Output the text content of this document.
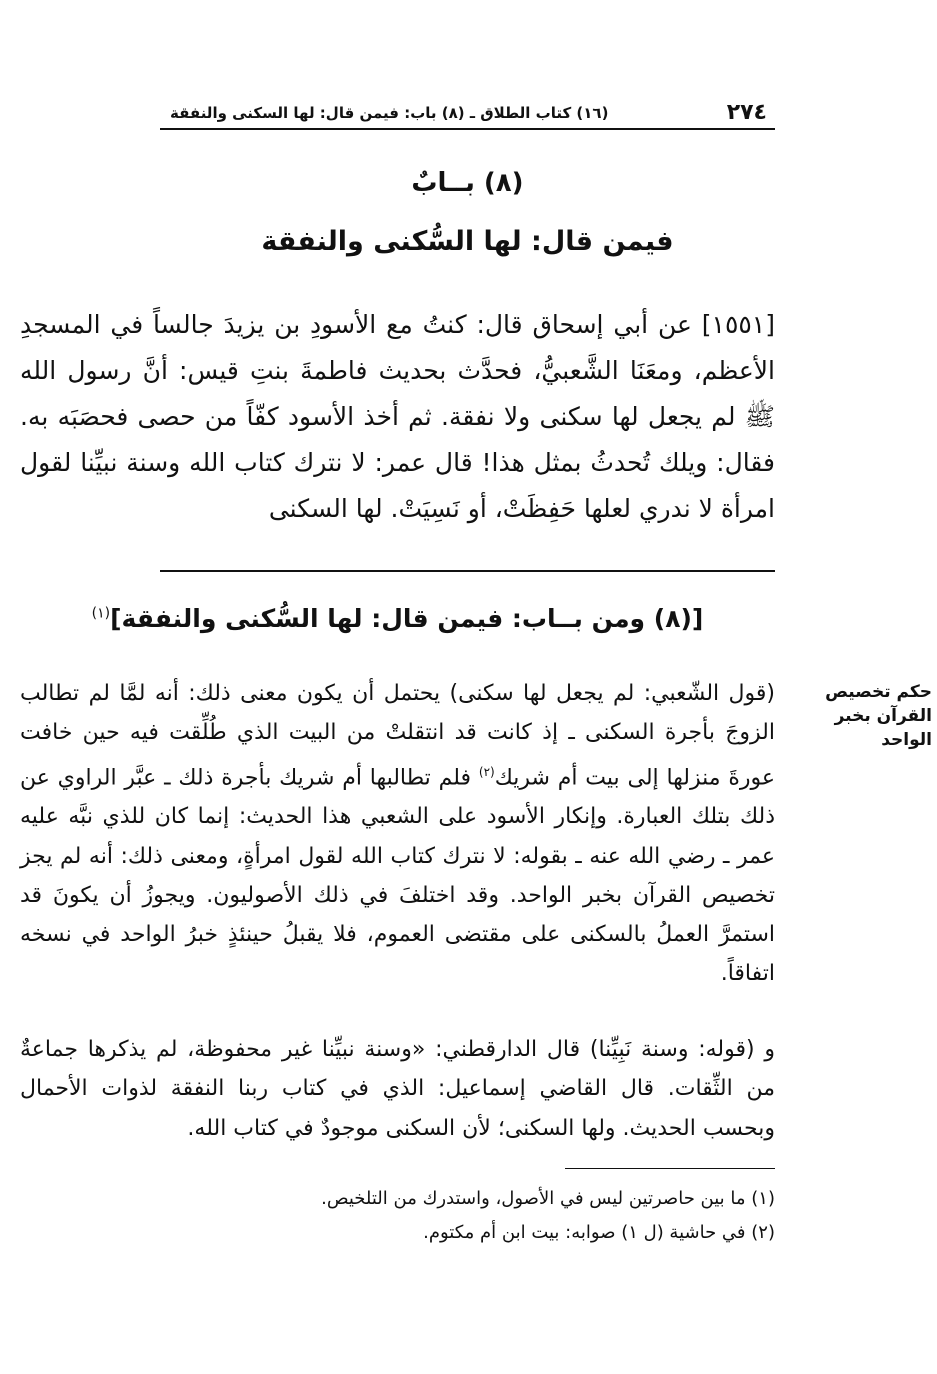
٢٧٤
(١٦) كتاب الطلاق ـ (٨) باب: فيمن قال: لها السكنى والنفقة
(٨) بــابٌ
فيمن قال: لها السُّكنى والنفقة
[١٥٥١] عن أبي إسحاق قال: كنتُ مع الأسودِ بن يزيدَ جالساً في المسجدِ الأعظم، ومعَنَا الشَّعبيُّ، فحدَّث بحديث فاطمةَ بنتِ قيس: أنَّ رسول الله ﷺ لم يجعل لها سكنى ولا نفقة. ثم أخذ الأسود كفّاً من حصى فحصَبَه به. فقال: ويلك تُحدثُ بمثل هذا! قال عمر: لا نترك كتاب الله وسنة نبيِّنا لقول امرأة لا ندري لعلها حَفِظَتْ، أو نَسِيَتْ. لها السكنى
[(٨) ومن بــاب: فيمن قال: لها السُّكنى والنفقة]$^{(١)}$
حكم تخصيص القرآن بخبر الواحد
(قول الشّعبي: لم يجعل لها سكنى) يحتمل أن يكون معنى ذلك: أنه لمَّا لم تطالب الزوجَ بأجرة السكنى ـ إذ كانت قد انتقلتْ من البيت الذي طُلِّقت فيه حين خافت عورةَ منزلها إلى بيت أم شريك$^{(٢)}$ فلم تطالبها أم شريك بأجرة ذلك ـ عبَّر الراوي عن ذلك بتلك العبارة. وإنكار الأسود على الشعبي هذا الحديث: إنما كان للذي نبَّه عليه عمر ـ رضي الله عنه ـ بقوله: لا نترك كتاب الله لقول امرأةٍ، ومعنى ذلك: أنه لم يجز تخصيص القرآن بخبر الواحد. وقد اختلفَ في ذلك الأصوليون. ويجوزُ أن يكونَ قد استمرَّ العملُ بالسكنى على مقتضى العموم، فلا يقبلُ حينئذٍ خبرُ الواحد في نسخه اتفاقاً.
و (قوله: وسنة نَبِيِّنا) قال الدارقطني: «وسنة نبيِّنا غير محفوظة، لم يذكرها جماعةٌ من الثِّقات. قال القاضي إسماعيل: الذي في كتاب ربنا النفقة لذوات الأحمال وبحسب الحديث. ولها السكنى؛ لأن السكنى موجودٌ في كتاب الله.
(١) ما بين حاصرتين ليس في الأصول، واستدرك من التلخيص.
(٢) في حاشية (ل ١) صوابه: بيت ابن أم مكتوم.
